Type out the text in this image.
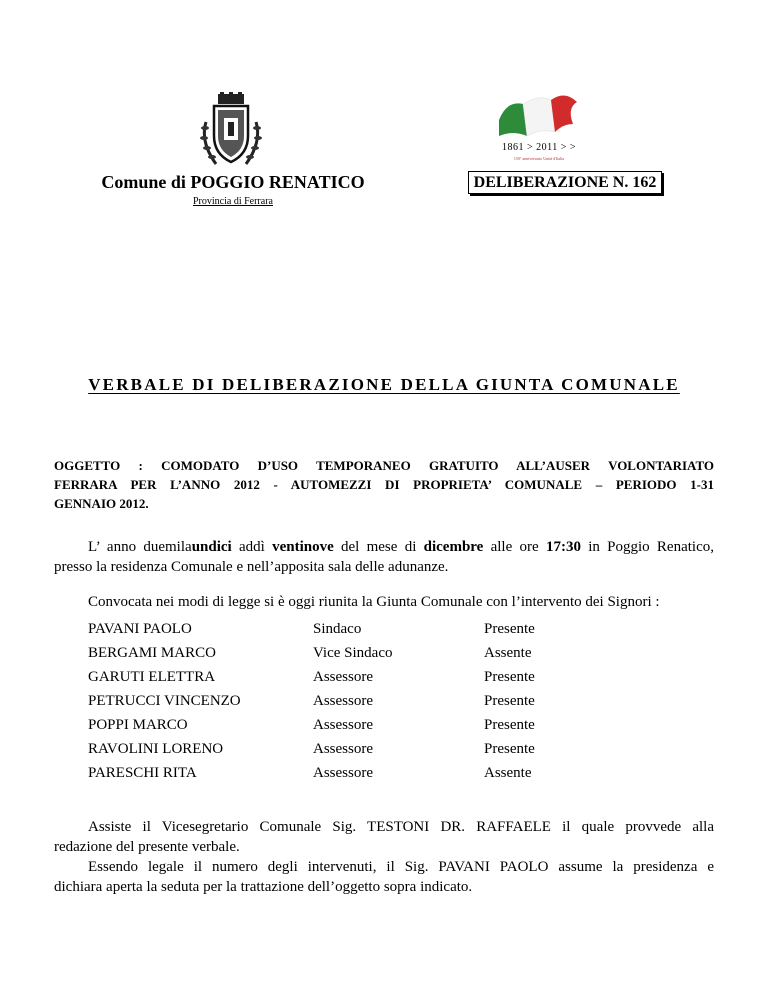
1861 > 2011 > >
150° anniversario Unità d'Italia
Comune di POGGIO RENATICO
Provincia di Ferrara
DELIBERAZIONE N. 162
VERBALE DI DELIBERAZIONE DELLA GIUNTA COMUNALE
OGGETTO : COMODATO D’USO TEMPORANEO GRATUITO ALL’AUSER VOLONTARIATO
FERRARA PER L’ANNO 2012 - AUTOMEZZI DI PROPRIETA’ COMUNALE – PERIODO 1-31
GENNAIO 2012.
L’ anno duemilaundici addì ventinove del mese di dicembre alle ore 17:30 in Poggio Renatico,
presso la residenza Comunale e nell’apposita sala delle adunanze.
Convocata nei modi di legge si è oggi riunita la Giunta Comunale con l’intervento dei Signori :
PAVANI PAOLO	Sindaco	Presente
BERGAMI MARCO	Vice Sindaco	Assente
GARUTI ELETTRA	Assessore	Presente
PETRUCCI VINCENZO	Assessore	Presente
POPPI MARCO	Assessore	Presente
RAVOLINI LORENO	Assessore	Presente
PARESCHI RITA	Assessore	Assente
Assiste il Vicesegretario Comunale Sig. TESTONI DR. RAFFAELE il quale provvede alla
redazione del presente verbale.
Essendo legale il numero degli intervenuti, il Sig. PAVANI PAOLO assume la presidenza e
dichiara aperta la seduta per la trattazione dell’oggetto sopra indicato.
